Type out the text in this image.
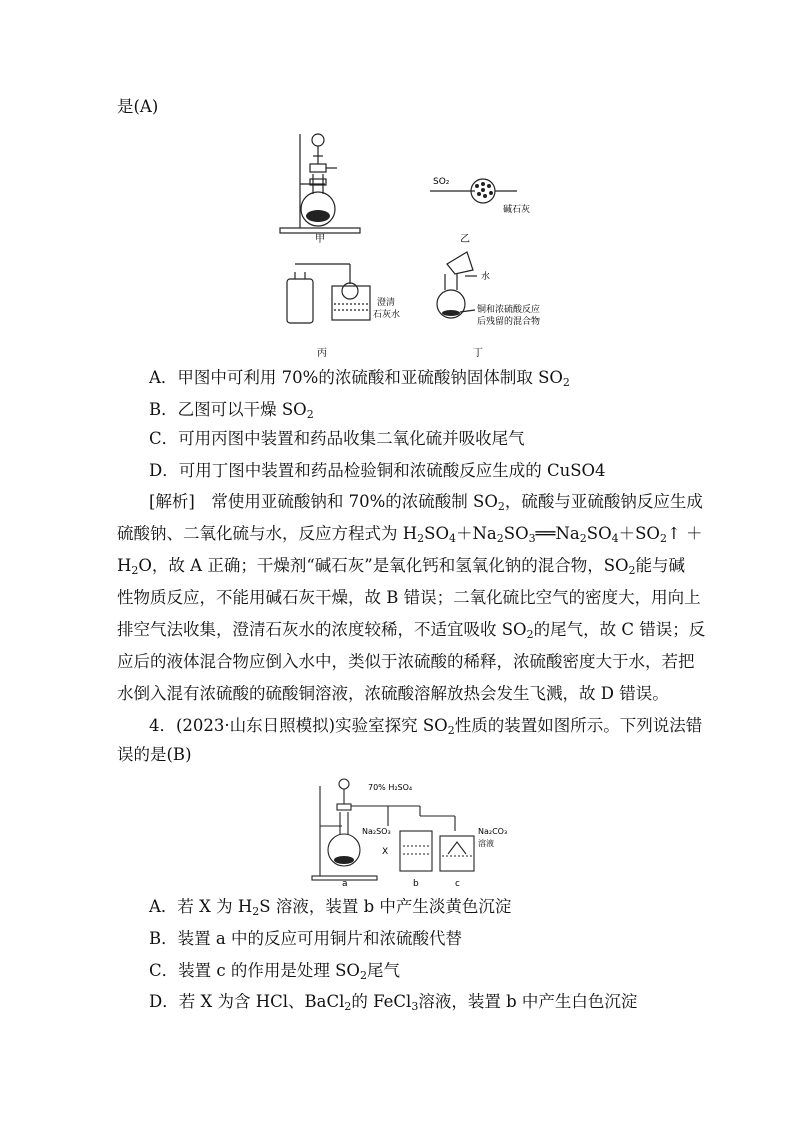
是(A)
甲	乙
SO₂
碱石灰
澄清
石灰水
水
铜和浓硫酸反应
后残留的混合物
丙	丁
A．甲图中可利用 70%的浓硫酸和亚硫酸钠固体制取 $SO_2$
B．乙图可以干燥 $SO_2$
C．可用丙图中装置和药品收集二氧化硫并吸收尾气
D．可用丁图中装置和药品检验铜和浓硫酸反应生成的 CuSO4
[解析]　常使用亚硫酸钠和 70%的浓硫酸制 $SO_2$，硫酸与亚硫酸钠反应生成
硫酸钠、二氧化硫与水，反应方程式为 $H_2SO_4+Na_2SO_3══Na_2SO_4+SO_2↑$ ＋
$H_2O$，故 A 正确；干燥剂“碱石灰”是氧化钙和氢氧化钠的混合物，$SO_2$能与碱
性物质反应，不能用碱石灰干燥，故 B 错误；二氧化硫比空气的密度大，用向上
排空气法收集，澄清石灰水的浓度较稀，不适宜吸收 $SO_2$的尾气，故 C 错误；反
应后的液体混合物应倒入水中，类似于浓硫酸的稀释，浓硫酸密度大于水，若把
水倒入混有浓硫酸的硫酸铜溶液，浓硫酸溶解放热会发生飞溅，故 D 错误。
4．(2023·山东日照模拟)实验室探究 $SO_2$性质的装置如图所示。下列说法错
误的是(B)
70% H₂SO₄
Na₂SO₃
X
Na₂CO₃
溶液
a	b	c
A．若 X 为 $H_2S$ 溶液，装置 b 中产生淡黄色沉淀
B．装置 a 中的反应可用铜片和浓硫酸代替
C．装置 c 的作用是处理 $SO_2$尾气
D．若 X 为含 HCl、BaCl$_2$的 FeCl$_3$溶液，装置 b 中产生白色沉淀
